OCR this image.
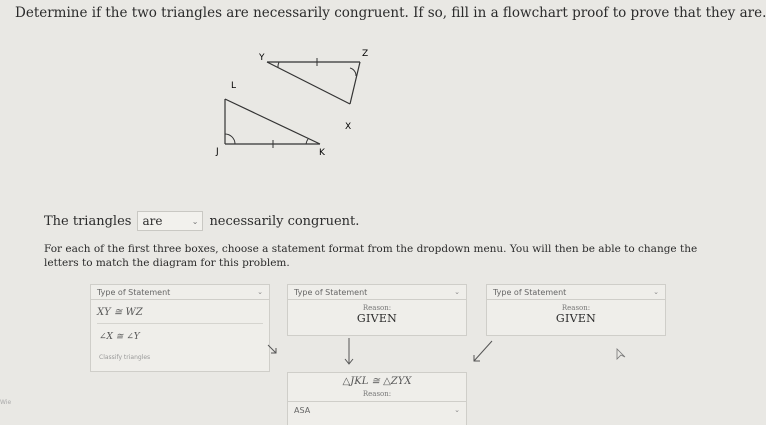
Determine if the two triangles are necessarily congruent. If so, fill in a flowchart proof to prove that they are.
Y	Z
L
X
J	K
The triangles are	⌄ necessarily congruent.
For each of the first three boxes, choose a statement format from the dropdown menu. You will then be able to change the letters to match the diagram for this problem.
Type of Statement	⌄
XY ≅ WZ
∠X ≅ ∠Y
Classify triangles
Type of Statement	⌄
Reason:
GIVEN
Type of Statement	⌄
Reason:
GIVEN
△JKL ≅ △ZYX
Reason:
ASA	⌄
Wie
